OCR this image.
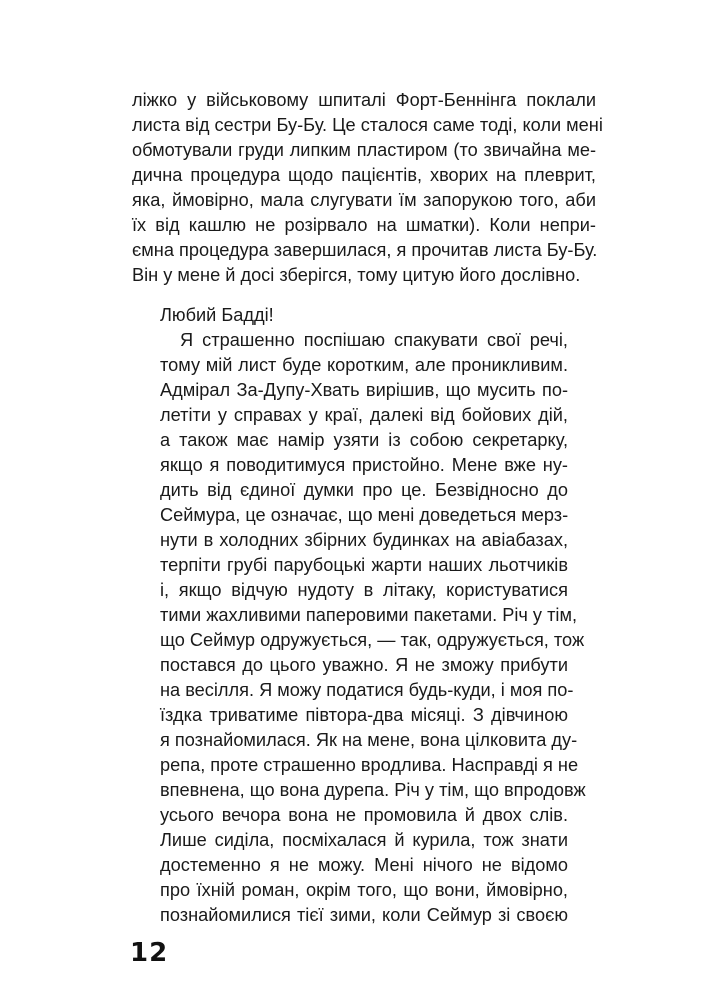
ліжко у військовому шпиталі Форт-Беннінга поклали
листа від сестри Бу-Бу. Це сталося саме тоді, коли мені
обмотували груди липким пластиром (то звичайна ме-
дична процедура щодо пацієнтів, хворих на плеврит,
яка, ймовірно, мала слугувати їм запорукою того, аби
їх від кашлю не розірвало на шматки). Коли непри-
ємна процедура завершилася, я прочитав листа Бу-Бу.
Він у мене й досі зберігся, тому цитую його дослівно.
Любий Бадді!
Я страшенно поспішаю спакувати свої речі,
тому мій лист буде коротким, але проникливим.
Адмірал За-Дупу-Хвать вирішив, що мусить по-
летіти у справах у краї, далекі від бойових дій,
а також має намір узяти із собою секретарку,
якщо я поводитимуся пристойно. Мене вже ну-
дить від єдиної думки про це. Безвідносно до
Сеймура, це означає, що мені доведеться мерз-
нути в холодних збірних будинках на авіабазах,
терпіти грубі парубоцькі жарти наших льотчиків
і, якщо відчую нудоту в літаку, користуватися
тими жахливими паперовими пакетами. Річ у тім,
що Сеймур одружується, — так, одружується, тож
постався до цього уважно. Я не зможу прибути
на весілля. Я можу податися будь-куди, і моя по-
їздка триватиме півтора-два місяці. З дівчиною
я познайомилася. Як на мене, вона цілковита ду-
репа, проте страшенно вродлива. Насправді я не
впевнена, що вона дурепа. Річ у тім, що впродовж
усього вечора вона не промовила й двох слів.
Лише сиділа, посміхалася й курила, тож знати
достеменно я не можу. Мені нічого не відомо
про їхній роман, окрім того, що вони, ймовірно,
познайомилися тієї зими, коли Сеймур зі своєю
12
